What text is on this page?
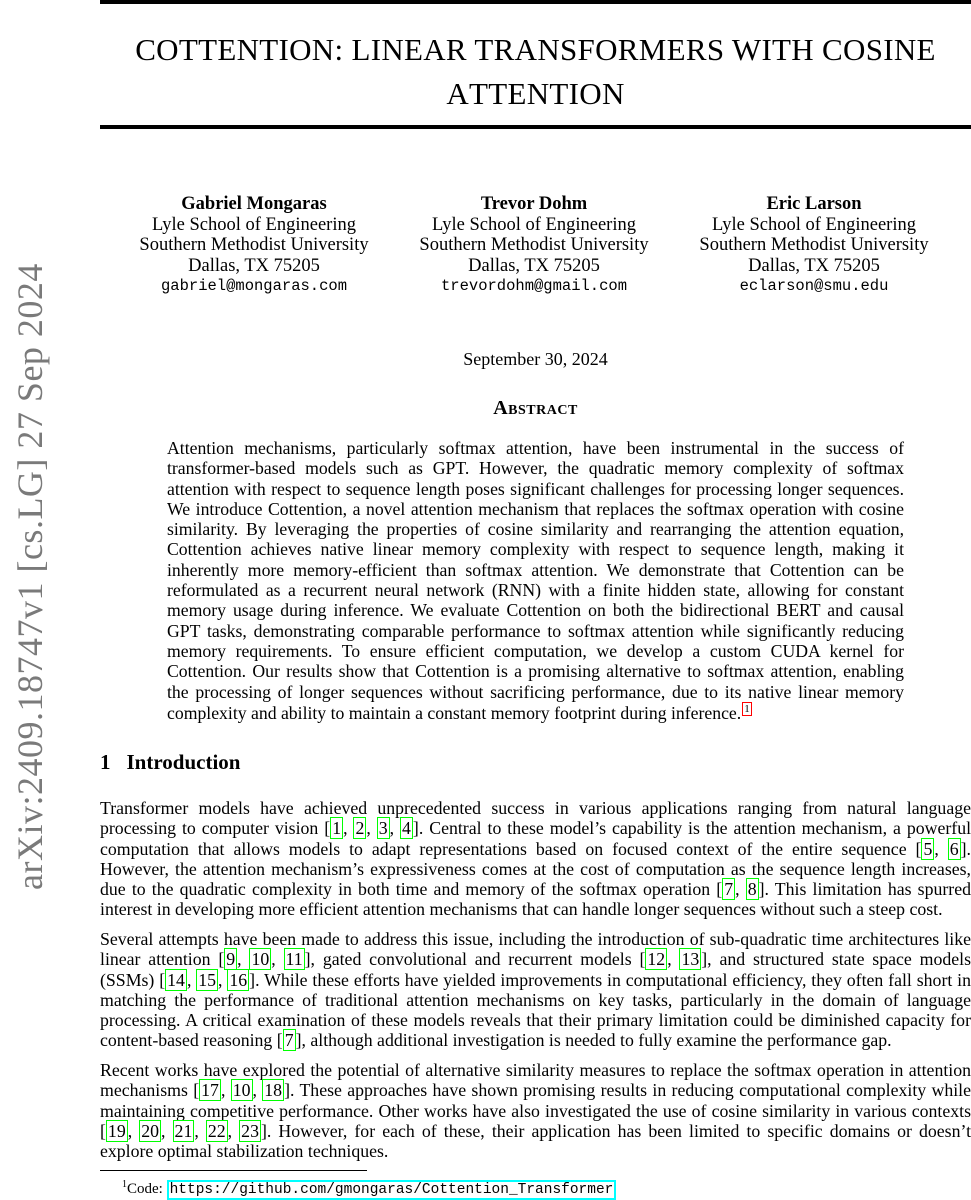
arXiv:2409.18747v1 [cs.LG] 27 Sep 2024
COTTENTION: LINEAR TRANSFORMERS WITH COSINE
ATTENTION
Gabriel Mongaras
Lyle School of Engineering
Southern Methodist University
Dallas, TX 75205
gabriel@mongaras.com
Trevor Dohm
Lyle School of Engineering
Southern Methodist University
Dallas, TX 75205
trevordohm@gmail.com
Eric Larson
Lyle School of Engineering
Southern Methodist University
Dallas, TX 75205
eclarson@smu.edu
September 30, 2024
Abstract
Attention mechanisms, particularly softmax attention, have been instrumental in the success of transformer-based models such as GPT. However, the quadratic memory complexity of softmax attention with respect to sequence length poses significant challenges for processing longer sequences. We introduce Cottention, a novel attention mechanism that replaces the softmax operation with cosine similarity. By leveraging the properties of cosine similarity and rearranging the attention equation, Cottention achieves native linear memory complexity with respect to sequence length, making it inherently more memory-efficient than softmax attention. We demonstrate that Cottention can be reformulated as a recurrent neural network (RNN) with a finite hidden state, allowing for constant memory usage during inference. We evaluate Cottention on both the bidirectional BERT and causal GPT tasks, demonstrating comparable performance to softmax attention while significantly reducing memory requirements. To ensure efficient computation, we develop a custom CUDA kernel for Cottention. Our results show that Cottention is a promising alternative to softmax attention, enabling the processing of longer sequences without sacrificing performance, due to its native linear memory complexity and ability to maintain a constant memory footprint during inference. 1
1 Introduction
Transformer models have achieved unprecedented success in various applications ranging from natural language processing to computer vision [ 1 , 2 , 3 , 4 ]. Central to these model’s capability is the attention mechanism, a powerful computation that allows models to adapt representations based on focused context of the entire sequence [ 5 , 6 ]. However, the attention mechanism’s expressiveness comes at the cost of computation as the sequence length increases, due to the quadratic complexity in both time and memory of the softmax operation [ 7 , 8 ]. This limitation has spurred interest in developing more efficient attention mechanisms that can handle longer sequences without such a steep cost.
Several attempts have been made to address this issue, including the introduction of sub-quadratic time architectures like linear attention [ 9 , 10 , 11 ], gated convolutional and recurrent models [ 12 , 13 ], and structured state space models (SSMs) [ 14 , 15 , 16 ]. While these efforts have yielded improvements in computational efficiency, they often fall short in matching the performance of traditional attention mechanisms on key tasks, particularly in the domain of language processing. A critical examination of these models reveals that their primary limitation could be diminished capacity for content-based reasoning [ 7 ], although additional investigation is needed to fully examine the performance gap.
Recent works have explored the potential of alternative similarity measures to replace the softmax operation in attention mechanisms [ 17 , 10 , 18 ]. These approaches have shown promising results in reducing computational complexity while maintaining competitive performance. Other works have also investigated the use of cosine similarity in various contexts [ 19 , 20 , 21 , 22 , 23 ]. However, for each of these, their application has been limited to specific domains or doesn’t explore optimal stabilization techniques.
$^1$Code: https://github.com/gmongaras/Cottention_Transformer
